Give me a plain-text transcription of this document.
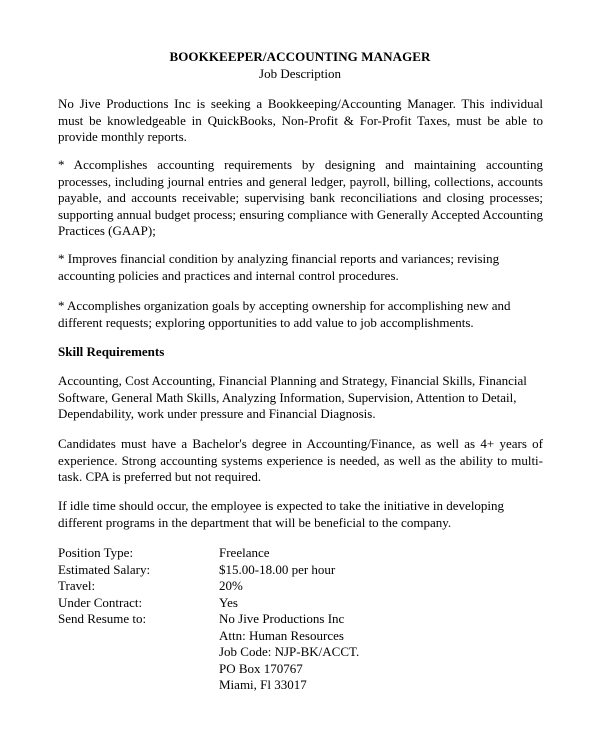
BOOKKEEPER/ACCOUNTING MANAGER
Job Description

No Jive Productions Inc is seeking a Bookkeeping/Accounting Manager. This individual must be knowledgeable in QuickBooks, Non-Profit & For-Profit Taxes, must be able to provide monthly reports.

* Accomplishes accounting requirements by designing and maintaining accounting processes, including journal entries and general ledger, payroll, billing, collections, accounts payable, and accounts receivable; supervising bank reconciliations and closing processes; supporting annual budget process; ensuring compliance with Generally Accepted Accounting Practices (GAAP);

* Improves financial condition by analyzing financial reports and variances; revising accounting policies and practices and internal control procedures.

* Accomplishes organization goals by accepting ownership for accomplishing new and different requests; exploring opportunities to add value to job accomplishments.

Skill Requirements

Accounting, Cost Accounting, Financial Planning and Strategy, Financial Skills, Financial Software, General Math Skills, Analyzing Information, Supervision, Attention to Detail, Dependability, work under pressure and Financial Diagnosis.

Candidates must have a Bachelor's degree in Accounting/Finance, as well as 4+ years of experience. Strong accounting systems experience is needed, as well as the ability to multi-task. CPA is preferred but not required.

If idle time should occur, the employee is expected to take the initiative in developing different programs in the department that will be beneficial to the company.

Position Type:	Freelance
Estimated Salary:	$15.00-18.00 per hour
Travel:	20%
Under Contract:	Yes
Send Resume to:	No Jive Productions Inc
Attn: Human Resources
Job Code: NJP-BK/ACCT.
PO Box 170767
Miami, Fl 33017
